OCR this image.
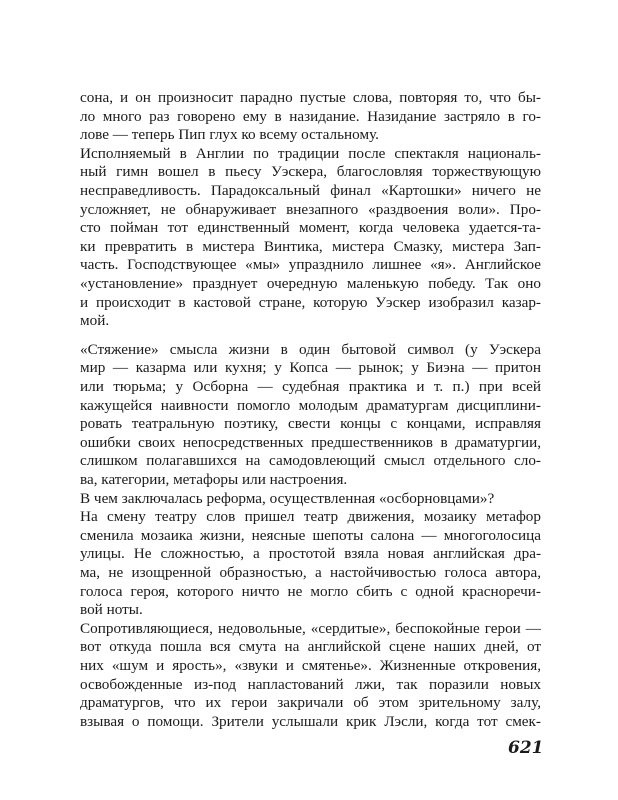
сона, и он произносит парадно пустые слова, повторяя то, что бы-
ло много раз говорено ему в назидание. Назидание застряло в го-
лове — теперь Пип глух ко всему остальному.
Исполняемый в Англии по традиции после спектакля националь-
ный гимн вошел в пьесу Уэскера, благословляя торжествующую
несправедливость. Парадоксальный финал «Картошки» ничего не
усложняет, не обнаруживает внезапного «раздвоения воли». Про-
сто пойман тот единственный момент, когда человека удается-та-
ки превратить в мистера Винтика, мистера Смазку, мистера Зап-
часть. Господствующее «мы» упразднило лишнее «я». Английское
«установление» празднует очередную маленькую победу. Так оно
и происходит в кастовой стране, которую Уэскер изобразил казар-
мой.
«Стяжение» смысла жизни в один бытовой символ (у Уэскера
мир — казарма или кухня; у Копса — рынок; у Биэна — притон
или тюрьма; у Осборна — судебная практика и т. п.) при всей
кажущейся наивности помогло молодым драматургам дисциплини-
ровать театральную поэтику, свести концы с концами, исправляя
ошибки своих непосредственных предшественников в драматургии,
слишком полагавшихся на самодовлеющий смысл отдельного сло-
ва, категории, метафоры или настроения.
В чем заключалась реформа, осуществленная «осборновцами»?
На смену театру слов пришел театр движения, мозаику метафор
сменила мозаика жизни, неясные шепоты салона — многоголосица
улицы. Не сложностью, а простотой взяла новая английская дра-
ма, не изощренной образностью, а настойчивостью голоса автора,
голоса героя, которого ничто не могло сбить с одной красноречи-
вой ноты.
Сопротивляющиеся, недовольные, «сердитые», беспокойные герои —
вот откуда пошла вся смута на английской сцене наших дней, от
них «шум и ярость», «звуки и смятенье». Жизненные откровения,
освобожденные из-под напластований лжи, так поразили новых
драматургов, что их герои закричали об этом зрительному залу,
взывая о помощи. Зрители услышали крик Лэсли, когда тот смек-
621
